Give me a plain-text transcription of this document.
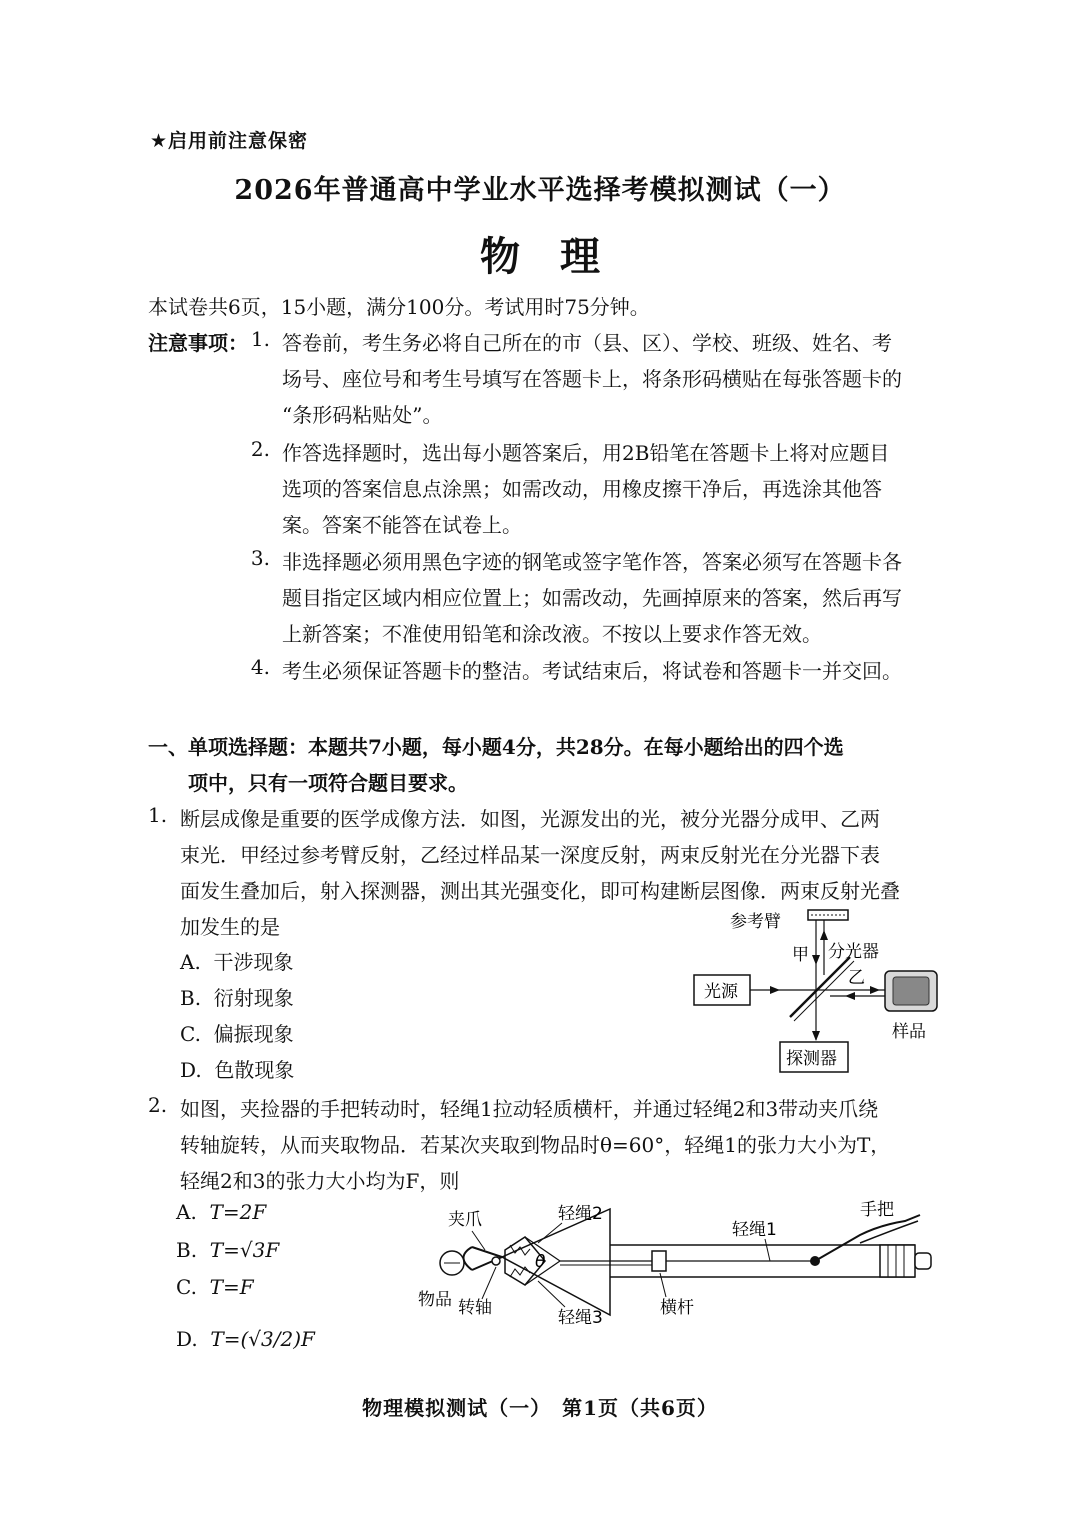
★启用前注意保密
2026年普通高中学业水平选择考模拟测试（一）
物理
本试卷共6页，15小题，满分100分。考试用时75分钟。
注意事项： 1. 答卷前，考生务必将自己所在的市（县、区）、学校、班级、姓名、考
场号、座位号和考生号填写在答题卡上，将条形码横贴在每张答题卡的
“条形码粘贴处”。
2. 作答选择题时，选出每小题答案后，用2B铅笔在答题卡上将对应题目
选项的答案信息点涂黑；如需改动，用橡皮擦干净后，再选涂其他答
案。答案不能答在试卷上。
3. 非选择题必须用黑色字迹的钢笔或签字笔作答，答案必须写在答题卡各
题目指定区域内相应位置上；如需改动，先画掉原来的答案，然后再写
上新答案；不准使用铅笔和涂改液。不按以上要求作答无效。
4. 考生必须保证答题卡的整洁。考试结束后，将试卷和答题卡一并交回。
一、单项选择题：本题共7小题，每小题4分，共28分。在每小题给出的四个选
项中，只有一项符合题目要求。
1. 断层成像是重要的医学成像方法．如图，光源发出的光，被分光器分成甲、乙两
束光．甲经过参考臂反射，乙经过样品某一深度反射，两束反射光在分光器下表
面发生叠加后，射入探测器，测出其光强变化，即可构建断层图像．两束反射光叠
加发生的是
A. 干涉现象
B. 衍射现象
C. 偏振现象
D. 色散现象
参考臂
甲 分光器
乙
光源
样品
探测器
2. 如图，夹捡器的手把转动时，轻绳1拉动轻质横杆，并通过轻绳2和3带动夹爪绕
转轴旋转，从而夹取物品．若某次夹取到物品时θ=60°，轻绳1的张力大小为T，
轻绳2和3的张力大小均为F，则
A. T=2F
B. T=√3F
C. T=F
D. T=(√3/2)F
夹爪	轻绳2
轻绳1
手把
物品 转轴
θ
轻绳3	横杆
物理模拟测试（一）　第1页（共6页）
